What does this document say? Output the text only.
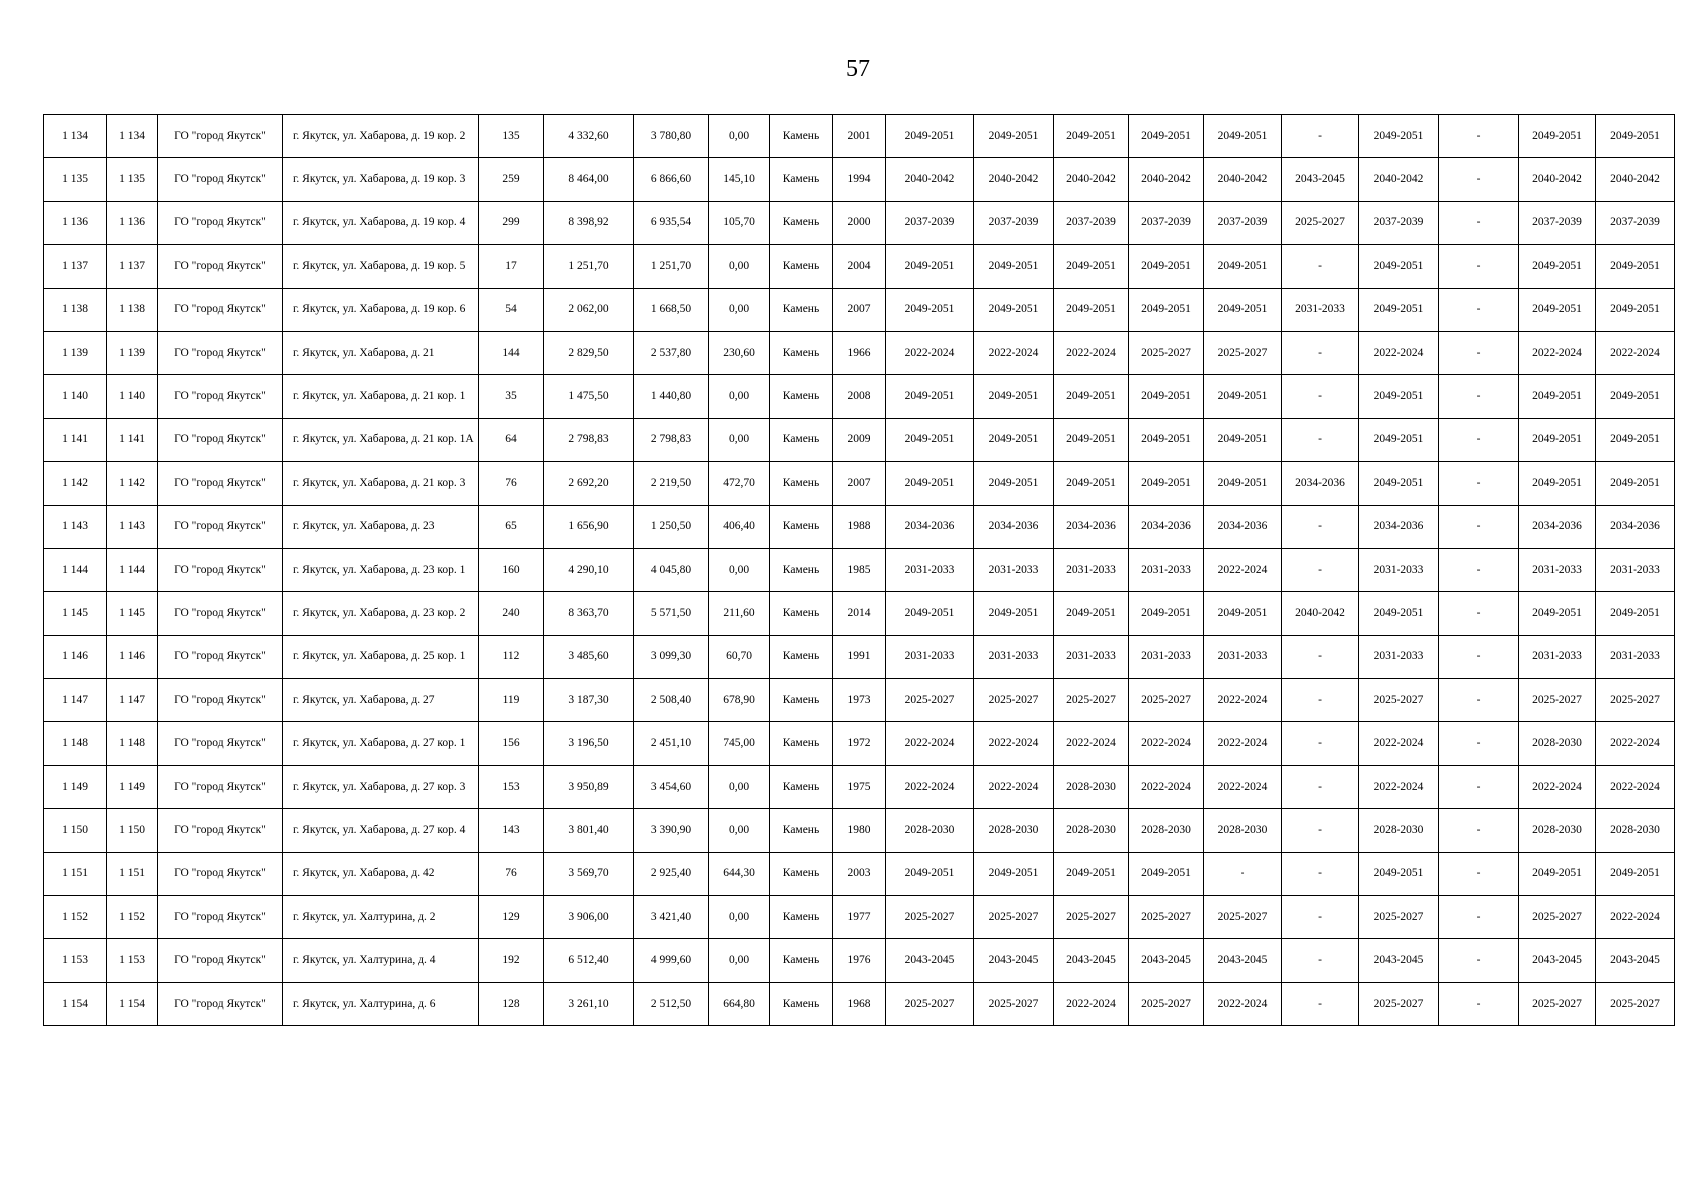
57
1 134	1 134	ГО "город Якутск"	г. Якутск, ул. Хабарова, д. 19 кор. 2	135	4 332,60	3 780,80	0,00	Камень	2001	2049-2051	2049-2051	2049-2051	2049-2051	2049-2051	-	2049-2051	-	2049-2051	2049-2051
1 135	1 135	ГО "город Якутск"	г. Якутск, ул. Хабарова, д. 19 кор. 3	259	8 464,00	6 866,60	145,10	Камень	1994	2040-2042	2040-2042	2040-2042	2040-2042	2040-2042	2043-2045	2040-2042	-	2040-2042	2040-2042
1 136	1 136	ГО "город Якутск"	г. Якутск, ул. Хабарова, д. 19 кор. 4	299	8 398,92	6 935,54	105,70	Камень	2000	2037-2039	2037-2039	2037-2039	2037-2039	2037-2039	2025-2027	2037-2039	-	2037-2039	2037-2039
1 137	1 137	ГО "город Якутск"	г. Якутск, ул. Хабарова, д. 19 кор. 5	17	1 251,70	1 251,70	0,00	Камень	2004	2049-2051	2049-2051	2049-2051	2049-2051	2049-2051	-	2049-2051	-	2049-2051	2049-2051
1 138	1 138	ГО "город Якутск"	г. Якутск, ул. Хабарова, д. 19 кор. 6	54	2 062,00	1 668,50	0,00	Камень	2007	2049-2051	2049-2051	2049-2051	2049-2051	2049-2051	2031-2033	2049-2051	-	2049-2051	2049-2051
1 139	1 139	ГО "город Якутск"	г. Якутск, ул. Хабарова, д. 21	144	2 829,50	2 537,80	230,60	Камень	1966	2022-2024	2022-2024	2022-2024	2025-2027	2025-2027	-	2022-2024	-	2022-2024	2022-2024
1 140	1 140	ГО "город Якутск"	г. Якутск, ул. Хабарова, д. 21 кор. 1	35	1 475,50	1 440,80	0,00	Камень	2008	2049-2051	2049-2051	2049-2051	2049-2051	2049-2051	-	2049-2051	-	2049-2051	2049-2051
1 141	1 141	ГО "город Якутск"	г. Якутск, ул. Хабарова, д. 21 кор. 1А	64	2 798,83	2 798,83	0,00	Камень	2009	2049-2051	2049-2051	2049-2051	2049-2051	2049-2051	-	2049-2051	-	2049-2051	2049-2051
1 142	1 142	ГО "город Якутск"	г. Якутск, ул. Хабарова, д. 21 кор. 3	76	2 692,20	2 219,50	472,70	Камень	2007	2049-2051	2049-2051	2049-2051	2049-2051	2049-2051	2034-2036	2049-2051	-	2049-2051	2049-2051
1 143	1 143	ГО "город Якутск"	г. Якутск, ул. Хабарова, д. 23	65	1 656,90	1 250,50	406,40	Камень	1988	2034-2036	2034-2036	2034-2036	2034-2036	2034-2036	-	2034-2036	-	2034-2036	2034-2036
1 144	1 144	ГО "город Якутск"	г. Якутск, ул. Хабарова, д. 23 кор. 1	160	4 290,10	4 045,80	0,00	Камень	1985	2031-2033	2031-2033	2031-2033	2031-2033	2022-2024	-	2031-2033	-	2031-2033	2031-2033
1 145	1 145	ГО "город Якутск"	г. Якутск, ул. Хабарова, д. 23 кор. 2	240	8 363,70	5 571,50	211,60	Камень	2014	2049-2051	2049-2051	2049-2051	2049-2051	2049-2051	2040-2042	2049-2051	-	2049-2051	2049-2051
1 146	1 146	ГО "город Якутск"	г. Якутск, ул. Хабарова, д. 25 кор. 1	112	3 485,60	3 099,30	60,70	Камень	1991	2031-2033	2031-2033	2031-2033	2031-2033	2031-2033	-	2031-2033	-	2031-2033	2031-2033
1 147	1 147	ГО "город Якутск"	г. Якутск, ул. Хабарова, д. 27	119	3 187,30	2 508,40	678,90	Камень	1973	2025-2027	2025-2027	2025-2027	2025-2027	2022-2024	-	2025-2027	-	2025-2027	2025-2027
1 148	1 148	ГО "город Якутск"	г. Якутск, ул. Хабарова, д. 27 кор. 1	156	3 196,50	2 451,10	745,00	Камень	1972	2022-2024	2022-2024	2022-2024	2022-2024	2022-2024	-	2022-2024	-	2028-2030	2022-2024
1 149	1 149	ГО "город Якутск"	г. Якутск, ул. Хабарова, д. 27 кор. 3	153	3 950,89	3 454,60	0,00	Камень	1975	2022-2024	2022-2024	2028-2030	2022-2024	2022-2024	-	2022-2024	-	2022-2024	2022-2024
1 150	1 150	ГО "город Якутск"	г. Якутск, ул. Хабарова, д. 27 кор. 4	143	3 801,40	3 390,90	0,00	Камень	1980	2028-2030	2028-2030	2028-2030	2028-2030	2028-2030	-	2028-2030	-	2028-2030	2028-2030
1 151	1 151	ГО "город Якутск"	г. Якутск, ул. Хабарова, д. 42	76	3 569,70	2 925,40	644,30	Камень	2003	2049-2051	2049-2051	2049-2051	2049-2051	-	-	2049-2051	-	2049-2051	2049-2051
1 152	1 152	ГО "город Якутск"	г. Якутск, ул. Халтурина, д. 2	129	3 906,00	3 421,40	0,00	Камень	1977	2025-2027	2025-2027	2025-2027	2025-2027	2025-2027	-	2025-2027	-	2025-2027	2022-2024
1 153	1 153	ГО "город Якутск"	г. Якутск, ул. Халтурина, д. 4	192	6 512,40	4 999,60	0,00	Камень	1976	2043-2045	2043-2045	2043-2045	2043-2045	2043-2045	-	2043-2045	-	2043-2045	2043-2045
1 154	1 154	ГО "город Якутск"	г. Якутск, ул. Халтурина, д. 6	128	3 261,10	2 512,50	664,80	Камень	1968	2025-2027	2025-2027	2022-2024	2025-2027	2022-2024	-	2025-2027	-	2025-2027	2025-2027
